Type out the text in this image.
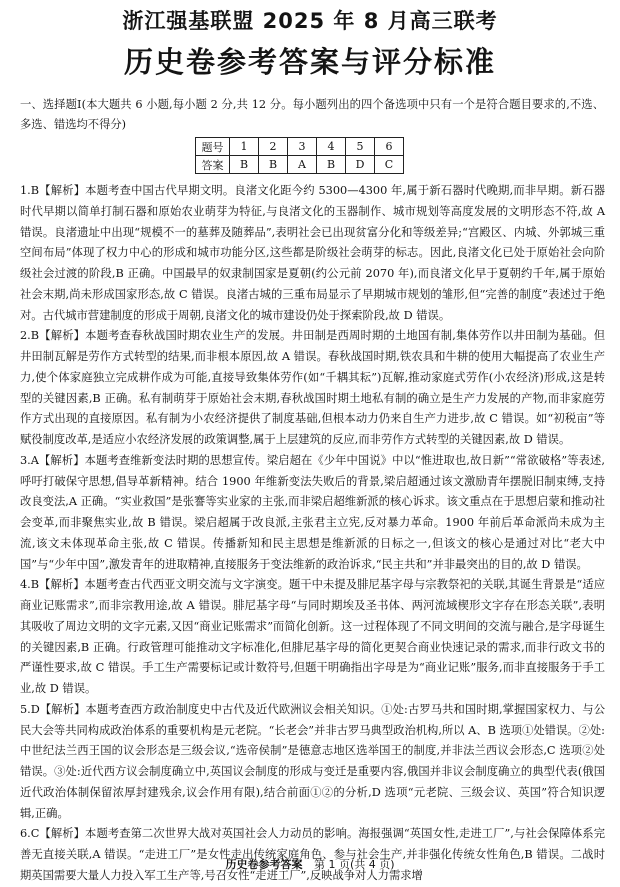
浙江强基联盟 2025 年 8 月高三联考
历史卷参考答案与评分标准

一、选择题Ⅰ(本大题共 6 小题,每小题 2 分,共 12 分。每小题列出的四个备选项中只有一个是符合题目要求的,不选、多选、错选均不得分)

题号	1	2	3	4	5	6
答案	B	B	A	B	D	C

1.B【解析】本题考查中国古代早期文明。良渚文化距今约 5300—4300 年,属于新石器时代晚期,而非早期。新石器时代早期以简单打制石器和原始农业萌芽为特征,与良渚文化的玉器制作、城市规划等高度发展的文明形态不符,故 A 错误。良渚遗址中出现“规模不一的墓葬及随葬品”,表明社会已出现贫富分化和等级差异;“宫殿区、内城、外郭城三重空间布局”体现了权力中心的形成和城市功能分区,这些都是阶级社会萌芽的标志。因此,良渚文化已处于原始社会向阶级社会过渡的阶段,B 正确。中国最早的奴隶制国家是夏朝(约公元前 2070 年),而良渚文化早于夏朝约千年,属于原始社会末期,尚未形成国家形态,故 C 错误。良渚古城的三重布局显示了早期城市规划的雏形,但“完善的制度”表述过于绝对。古代城市营建制度的形成于周朝,良渚文化的城市建设仍处于探索阶段,故 D 错误。

2.B【解析】本题考查春秋战国时期农业生产的发展。井田制是西周时期的土地国有制,集体劳作以井田制为基础。但井田制瓦解是劳作方式转型的结果,而非根本原因,故 A 错误。春秋战国时期,铁农具和牛耕的使用大幅提高了农业生产力,使个体家庭独立完成耕作成为可能,直接导致集体劳作(如“千耦其耘”)瓦解,推动家庭式劳作(小农经济)形成,这是转型的关键因素,B 正确。私有制萌芽于原始社会末期,春秋战国时期土地私有制的确立是生产力发展的产物,而非家庭劳作方式出现的直接原因。私有制为小农经济提供了制度基础,但根本动力仍来自生产力进步,故 C 错误。如“初税亩”等赋役制度改革,是适应小农经济发展的政策调整,属于上层建筑的反应,而非劳作方式转型的关键因素,故 D 错误。

3.A【解析】本题考查维新变法时期的思想宣传。梁启超在《少年中国说》中以“惟进取也,故日新”“常欲破格”等表述,呼吁打破保守思想,倡导革新精神。结合 1900 年维新变法失败后的背景,梁启超通过该文激励青年摆脱旧制束缚,支持改良变法,A 正确。“实业救国”是张謇等实业家的主张,而非梁启超维新派的核心诉求。该文重点在于思想启蒙和推动社会变革,而非聚焦实业,故 B 错误。梁启超属于改良派,主张君主立宪,反对暴力革命。1900 年前后革命派尚未成为主流,该文未体现革命主张,故 C 错误。传播新知和民主思想是维新派的日标之一,但该文的核心是通过对比“老大中国”与“少年中国”,激发青年的进取精神,直接服务于变法维新的政治诉求,“民主共和”并非最突出的目的,故 D 错误。

4.B【解析】本题考查古代西亚文明交流与文字演变。题干中未提及腓尼基字母与宗教祭祀的关联,其诞生背景是“适应商业记账需求”,而非宗教用途,故 A 错误。腓尼基字母“与同时期埃及圣书体、两河流域楔形文字存在形态关联”,表明其吸收了周边文明的文字元素,又因“商业记账需求”而简化创新。这一过程体现了不同文明间的交流与融合,是字母诞生的关键因素,B 正确。行政管理可能推动文字标准化,但腓尼基字母的简化更契合商业快速记录的需求,而非行政文书的严谨性要求,故 C 错误。手工生产需要标记或计数符号,但题干明确指出字母是为“商业记账”服务,而非直接服务于手工业,故 D 错误。

5.D【解析】本题考查西方政治制度史中古代及近代欧洲议会相关知识。①处:古罗马共和国时期,掌握国家权力、与公民大会等共同构成政治体系的重要机构是元老院。“长老会”并非古罗马典型政治机构,所以 A、B 选项①处错误。②处:中世纪法兰西王国的议会形态是三级会议,“选帝侯制”是德意志地区选举国王的制度,并非法兰西议会形态,C 选项②处错误。③处:近代西方议会制度确立中,英国议会制度的形成与变迁是重要内容,俄国并非议会制度确立的典型代表(俄国近代政治体制保留浓厚封建残余,议会作用有限),结合前面①②的分析,D 选项“元老院、三级会议、英国”符合知识逻辑,正确。

6.C【解析】本题考查第二次世界大战对英国社会人力动员的影响。海报强调“英国女性,走进工厂”,与社会保障体系完善无直接关联,A 错误。“走进工厂”是女性走出传统家庭角色、参与社会生产,并非强化传统女性角色,B 错误。二战时期英国需要大量人力投入军工生产等,号召女性“走进工厂”,反映战争对人力需求增

历史卷参考答案 第 1 页(共 4 页)
